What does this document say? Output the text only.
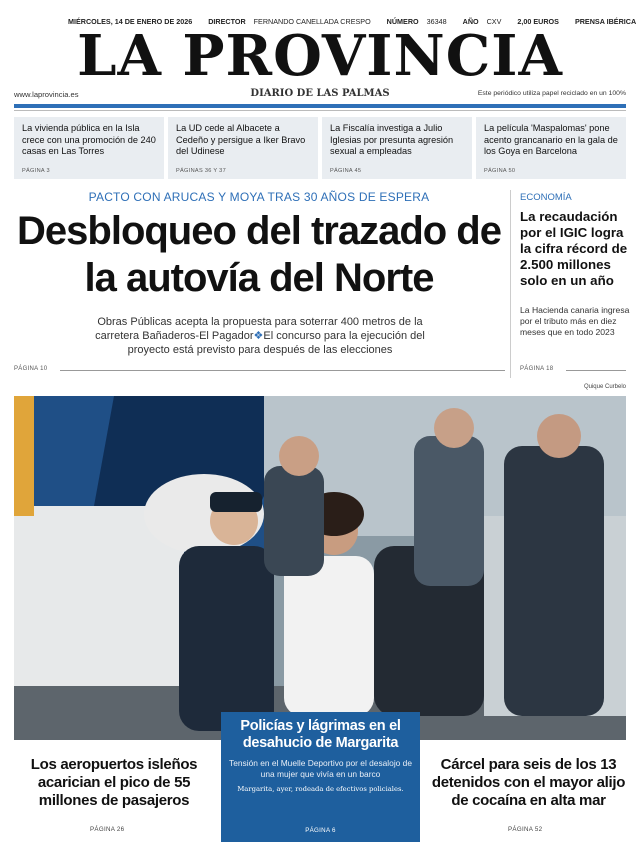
MIÉRCOLES, 14 DE ENERO DE 2026 DIRECTOR FERNANDO CANELLADA CRESPO NÚMERO 36348 AÑO CXV 2,00 EUROS PRENSA IBÉRICA
LA PROVINCIA
www.laprovincia.es	DIARIO DE LAS PALMAS	Este periódico utiliza papel reciclado en un 100%
La vivienda pública en la Isla crece con una promoción de 240 casas en Las Torres
PÁGINA 3
La UD cede al Albacete a Cedeño y persigue a Iker Bravo del Udinese
PÁGINAS 36 Y 37
La Fiscalía investiga a Julio Iglesias por presunta agresión sexual a empleadas
PÁGINA 45
La película 'Maspalomas' pone acento grancanario en la gala de los Goya en Barcelona
PÁGINA 50
PACTO CON ARUCAS Y MOYA TRAS 30 AÑOS DE ESPERA
Desbloqueo del trazado de la autovía del Norte
Obras Públicas acepta la propuesta para soterrar 400 metros de la carretera Bañaderos-El Pagador❖El concurso para la ejecución del proyecto está previsto para después de las elecciones
PÁGINA 10
ECONOMÍA
La recaudación por el IGIC logra la cifra récord de 2.500 millones solo en un año
La Hacienda canaria ingresa por el tributo más en diez meses que en todo 2023
PÁGINA 18
Quique Curbelo
Los aeropuertos isleños acarician el pico de 55 millones de pasajeros
PÁGINA 26
Policías y lágrimas en el desahucio de Margarita
Tensión en el Muelle Deportivo por el desalojo de una mujer que vivía en un barco
Margarita, ayer, rodeada de efectivos policiales.
PÁGINA 6
Cárcel para seis de los 13 detenidos con el mayor alijo de cocaína en alta mar
PÁGINA 52
